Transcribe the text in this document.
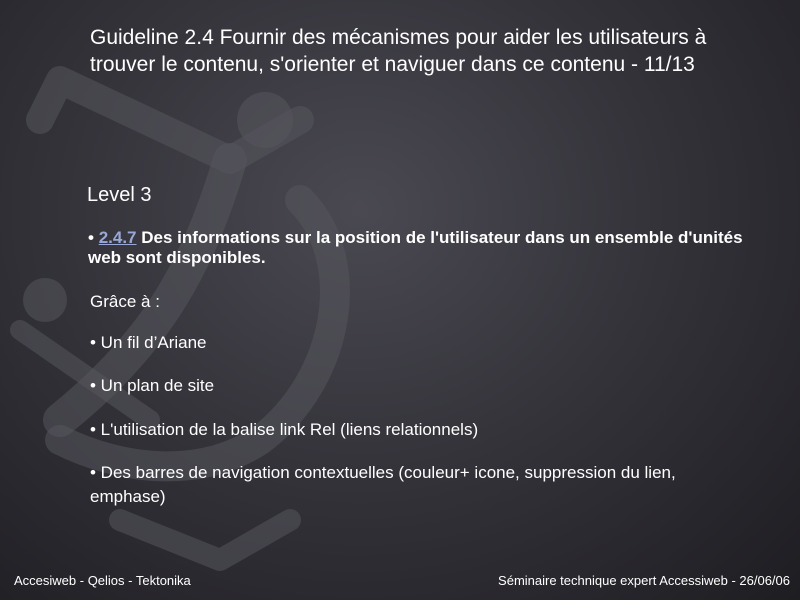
Guideline 2.4 Fournir des mécanismes pour aider les utilisateurs à trouver le contenu, s'orienter et naviguer dans ce contenu - 11/13
Level 3
• 2.4.7 Des informations sur la position de l'utilisateur dans un ensemble d'unités web sont disponibles.
Grâce à :
• Un fil d’Ariane
• Un plan de site
• L'utilisation de la balise link Rel (liens relationnels)
• Des barres de navigation contextuelles (couleur+ icone, suppression du lien, emphase)
Accesiweb - Qelios - Tektonika	Séminaire technique expert Accessiweb - 26/06/06
